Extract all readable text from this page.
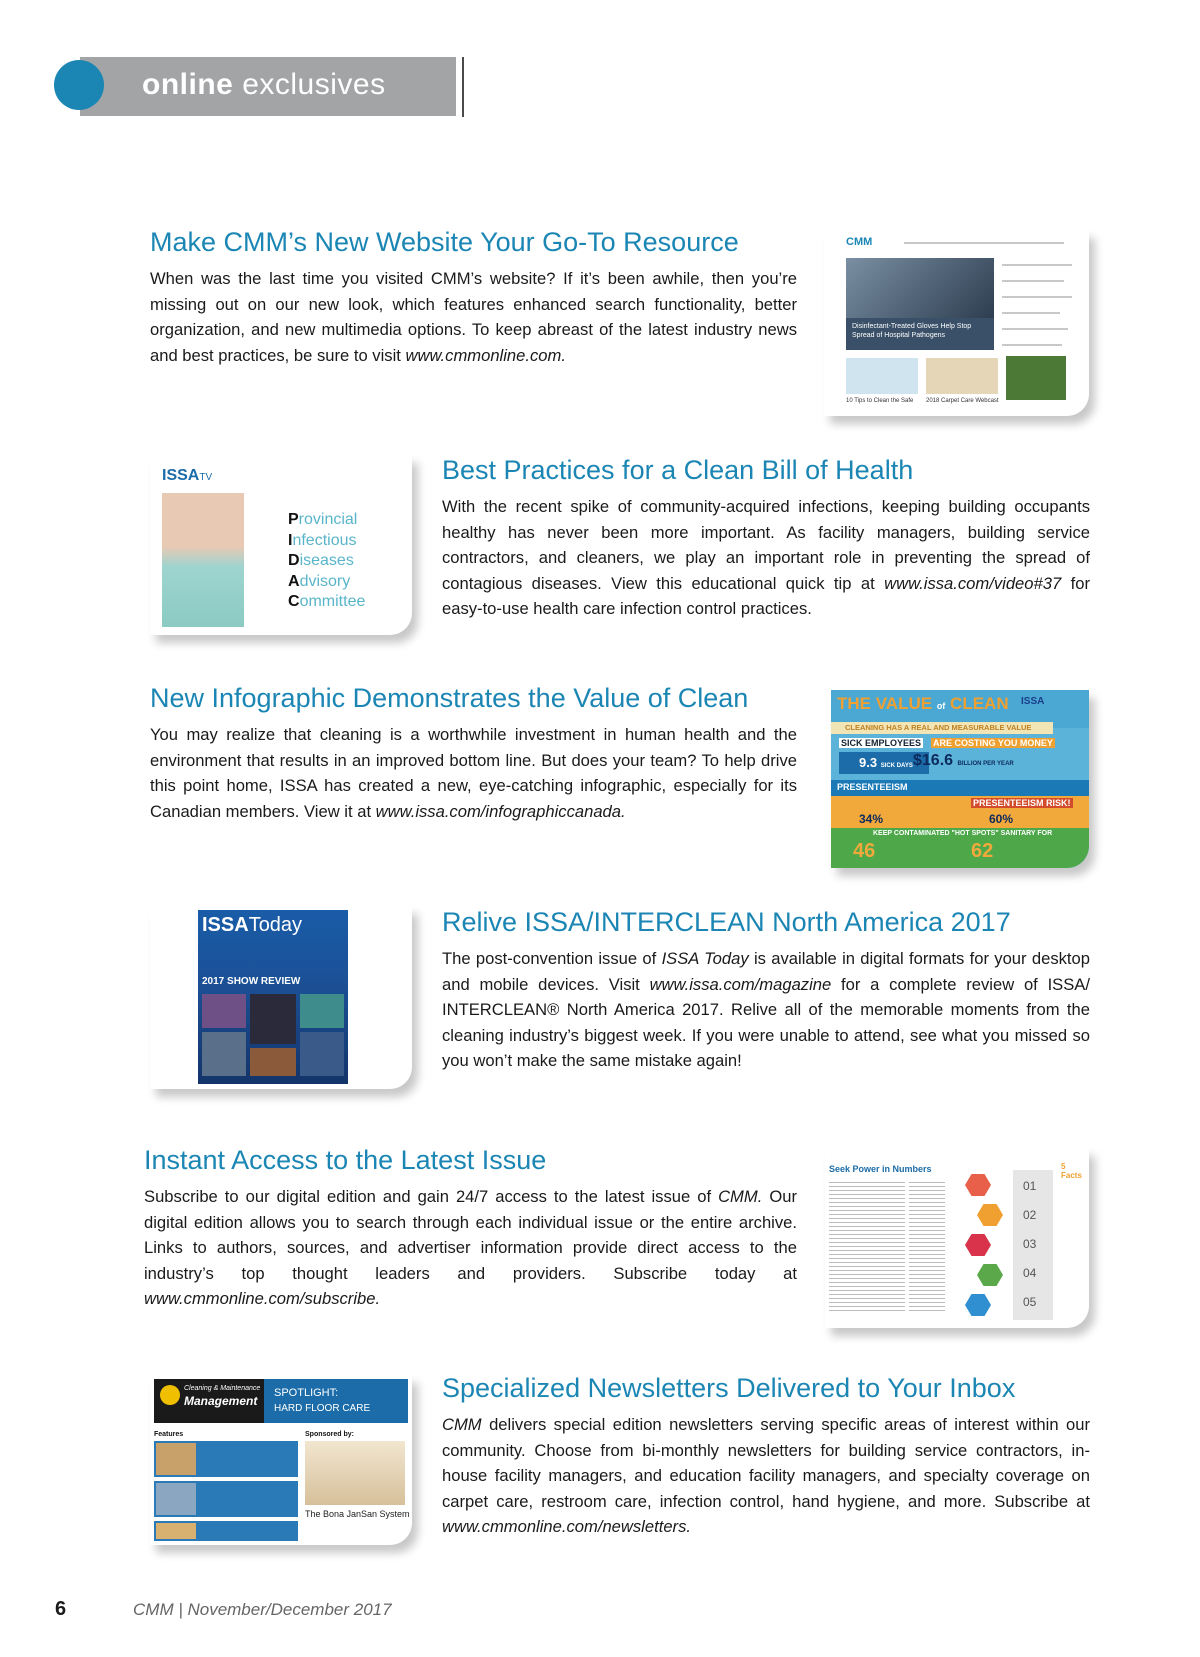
online exclusives
Make CMM’s New Website Your Go-To Resource

When was the last time you visited CMM’s website? If it’s been awhile, then you’re missing out on our new look, which features enhanced search functionality, better organization, and new multimedia options. To keep abreast of the latest industry news and best practices, be sure to visit www.cmmonline.com.

CMM
Disinfectant-Treated Gloves Help Stop Spread of Hospital Pathogens
10 Tips to Clean the Safe 2018 Carpet Care Webcast
ISSATV
Provincial
Infectious
Diseases
Advisory
Committee
Best Practices for a Clean Bill of Health

With the recent spike of community-acquired infections, keeping building occupants healthy has never been more important. As facility managers, building service contractors, and cleaners, we play an important role in preventing the spread of contagious diseases. View this educational quick tip at www.issa.com/video#37 for easy-to-use health care infection control practices.

New Infographic Demonstrates the Value of Clean

You may realize that cleaning is a worthwhile investment in human health and the environment that results in an improved bottom line. But does your team? To help drive this point home, ISSA has created a new, eye-catching infographic, especially for its Canadian members. View it at www.issa.com/infographiccanada.

THE VALUE of CLEAN ISSA
CLEANING HAS A REAL AND MEASURABLE VALUE
SICK EMPLOYEES ARE COSTING YOU MONEY
9.3 SICK DAYS $16.6 BILLION PER YEAR
PRESENTEEISM
PRESENTEEISM RISK!
34%	60%
KEEP CONTAMINATED "HOT SPOTS" SANITARY FOR
46	62
ISSAToday
2017 SHOW REVIEW
Relive ISSA/INTERCLEAN North America 2017

The post-convention issue of ISSA Today is available in digital formats for your desktop and mobile devices. Visit www.issa.com/magazine for a complete review of ISSA/ INTERCLEAN® North America 2017. Relive all of the memorable moments from the cleaning industry’s biggest week. If you were unable to attend, see what you missed so you won’t make the same mistake again!

Instant Access to the Latest Issue

Subscribe to our digital edition and gain 24/7 access to the latest issue of CMM. Our digital edition allows you to search through each individual issue or the entire archive. Links to authors, sources, and advertiser information provide direct access to the industry’s top thought leaders and providers. Subscribe today at www.cmmonline.com/subscribe.

Seek Power in Numbers
01
02
03
04
05
5 Facts
Cleaning & Maintenance
Management
SPOTLIGHT:
HARD FLOOR CARE
Features	Sponsored by:
The Bona JanSan System
Specialized Newsletters Delivered to Your Inbox

CMM delivers special edition newsletters serving specific areas of interest within our community. Choose from bi-monthly newsletters for building service contractors, in-house facility managers, and education facility managers, and specialty coverage on carpet care, restroom care, infection control, hand hygiene, and more. Subscribe at www.cmmonline.com/newsletters.

6	CMM | November/December 2017
